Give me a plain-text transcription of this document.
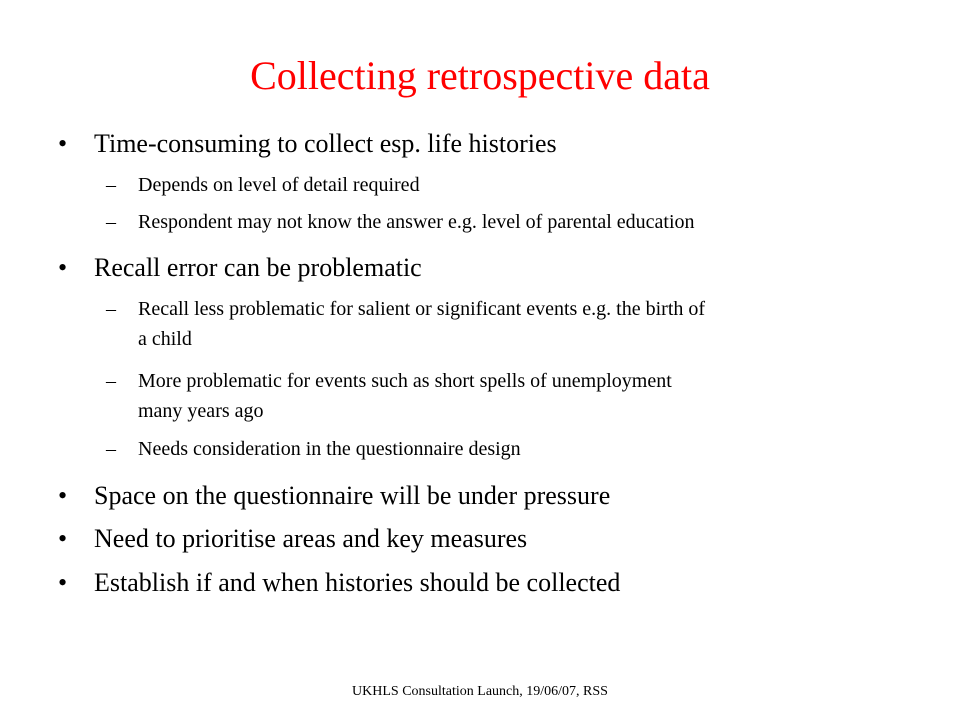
Collecting retrospective data
• Time-consuming to collect esp. life histories
– Depends on level of detail required
– Respondent may not know the answer e.g. level of parental education
• Recall error can be problematic
– Recall less problematic for salient or significant events e.g. the birth of
a child
– More problematic for events such as short spells of unemployment
many years ago
– Needs consideration in the questionnaire design
• Space on the questionnaire will be under pressure
• Need to prioritise areas and key measures
• Establish if and when histories should be collected
UKHLS Consultation Launch, 19/06/07, RSS
